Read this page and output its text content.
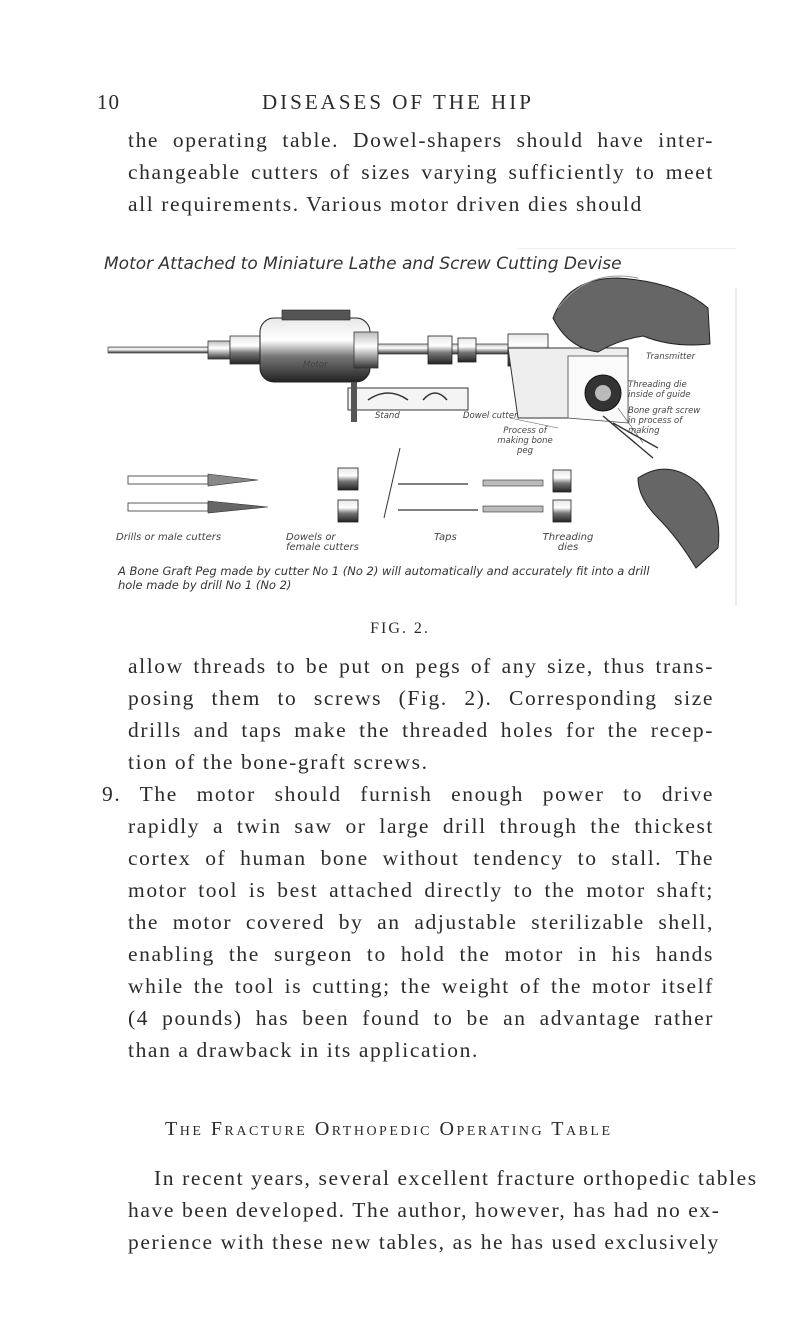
10	DISEASES OF THE HIP
the operating table. Dowel-shapers should have inter-
changeable cutters of sizes varying sufficiently to meet
all requirements. Various motor driven dies should
Motor Attached to Miniature Lathe and Screw Cutting Devise
Motor
Stand	Dowel cutter
Transmitter
Threading die inside of guide
Bone graft screw in process of making
Process of making bone peg
Drills or male cutters	Dowels or female cutters
Taps	Threading dies
A Bone Graft Peg made by cutter No 1 (No 2) will automatically and accurately fit into a drill hole made by drill No 1 (No 2)
FIG. 2.
allow threads to be put on pegs of any size, thus trans-
posing them to screws (Fig. 2). Corresponding size
drills and taps make the threaded holes for the recep-
tion of the bone-graft screws.
9. The motor should furnish enough power to drive
rapidly a twin saw or large drill through the thickest
cortex of human bone without tendency to stall. The
motor tool is best attached directly to the motor shaft;
the motor covered by an adjustable sterilizable shell,
enabling the surgeon to hold the motor in his hands
while the tool is cutting; the weight of the motor itself
(4 pounds) has been found to be an advantage rather
than a drawback in its application.
The Fracture Orthopedic Operating Table
In recent years, several excellent fracture orthopedic tables
have been developed. The author, however, has had no ex-
perience with these new tables, as he has used exclusively
